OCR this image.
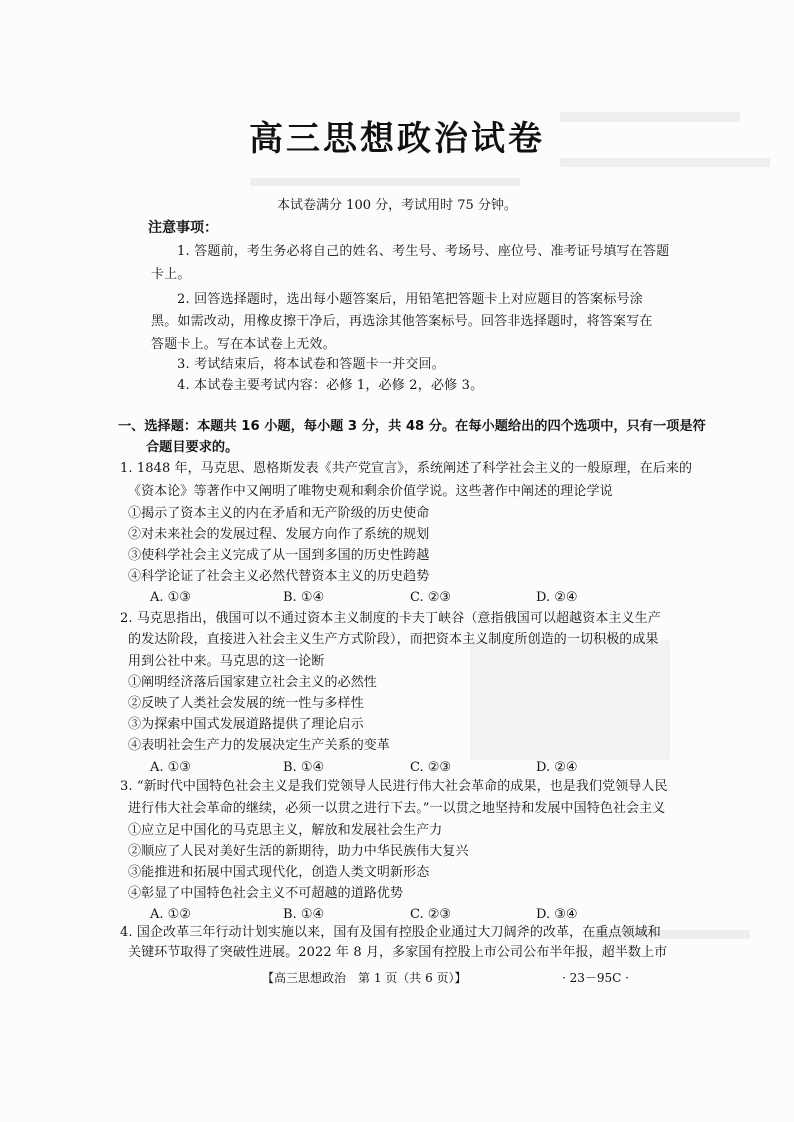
高三思想政治试卷
本试卷满分 100 分，考试用时 75 分钟。
注意事项：
1. 答题前，考生务必将自己的姓名、考生号、考场号、座位号、准考证号填写在答题
卡上。
2. 回答选择题时，选出每小题答案后，用铅笔把答题卡上对应题目的答案标号涂
黑。如需改动，用橡皮擦干净后，再选涂其他答案标号。回答非选择题时，将答案写在
答题卡上。写在本试卷上无效。
3. 考试结束后，将本试卷和答题卡一并交回。
4. 本试卷主要考试内容：必修 1，必修 2，必修 3。
一、选择题：本题共 16 小题，每小题 3 分，共 48 分。在每小题给出的四个选项中，只有一项是符
合题目要求的。
1. 1848 年，马克思、恩格斯发表《共产党宣言》，系统阐述了科学社会主义的一般原理，在后来的
《资本论》等著作中又阐明了唯物史观和剩余价值学说。这些著作中阐述的理论学说
①揭示了资本主义的内在矛盾和无产阶级的历史使命
②对未来社会的发展过程、发展方向作了系统的规划
③使科学社会主义完成了从一国到多国的历史性跨越
④科学论证了社会主义必然代替资本主义的历史趋势
A. ①③	B. ①④	C. ②③	D. ②④
2. 马克思指出，俄国可以不通过资本主义制度的卡夫丁峡谷（意指俄国可以超越资本主义生产
的发达阶段，直接进入社会主义生产方式阶段），而把资本主义制度所创造的一切积极的成果
用到公社中来。马克思的这一论断
①阐明经济落后国家建立社会主义的必然性
②反映了人类社会发展的统一性与多样性
③为探索中国式发展道路提供了理论启示
④表明社会生产力的发展决定生产关系的变革
A. ①③	B. ①④	C. ②③	D. ②④
3. “新时代中国特色社会主义是我们党领导人民进行伟大社会革命的成果，也是我们党领导人民
进行伟大社会革命的继续，必须一以贯之进行下去。”一以贯之地坚持和发展中国特色社会主义
①应立足中国化的马克思主义，解放和发展社会生产力
②顺应了人民对美好生活的新期待，助力中华民族伟大复兴
③能推进和拓展中国式现代化，创造人类文明新形态
④彰显了中国特色社会主义不可超越的道路优势
A. ①②	B. ①④	C. ②③	D. ③④
4. 国企改革三年行动计划实施以来，国有及国有控股企业通过大刀阔斧的改革，在重点领域和
关键环节取得了突破性进展。2022 年 8 月，多家国有控股上市公司公布半年报，超半数上市
【高三思想政治　第 1 页（共 6 页）】	· 23－95C ·
